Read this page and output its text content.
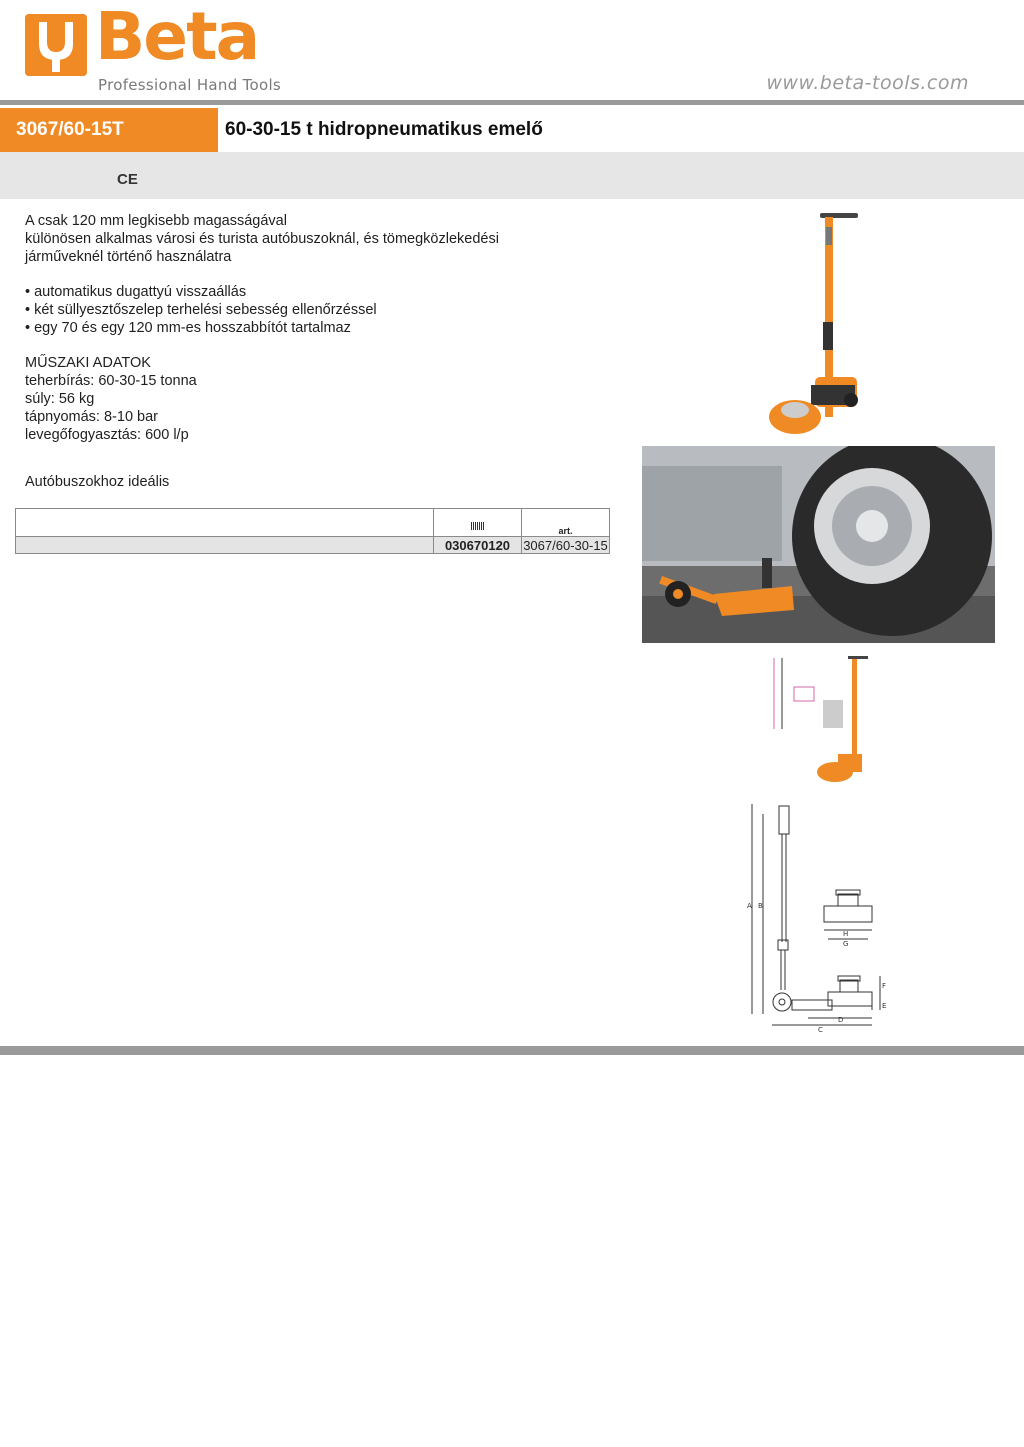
Beta
Professional Hand Tools	www.beta-tools.com
3067/60-15T	60-30-15 t hidropneumatikus emelő
CE
A csak 120 mm legkisebb magasságával
különösen alkalmas városi és turista autóbuszoknál, és tömegközlekedési
járműveknél történő használatra
• automatikus dugattyú visszaállás
• két süllyesztőszelep terhelési sebesség ellenőrzéssel
• egy 70 és egy 120 mm-es hosszabbítót tartalmaz
MŰSZAKI ADATOK
teherbírás: 60-30-15 tonna
súly: 56 kg
tápnyomás: 8-10 bar
levegőfogyasztás: 600 l/p
Autóbuszokhoz ideális
		art.
	030670120	3067/60-30-15
A B
C
D
E
F
G
H
